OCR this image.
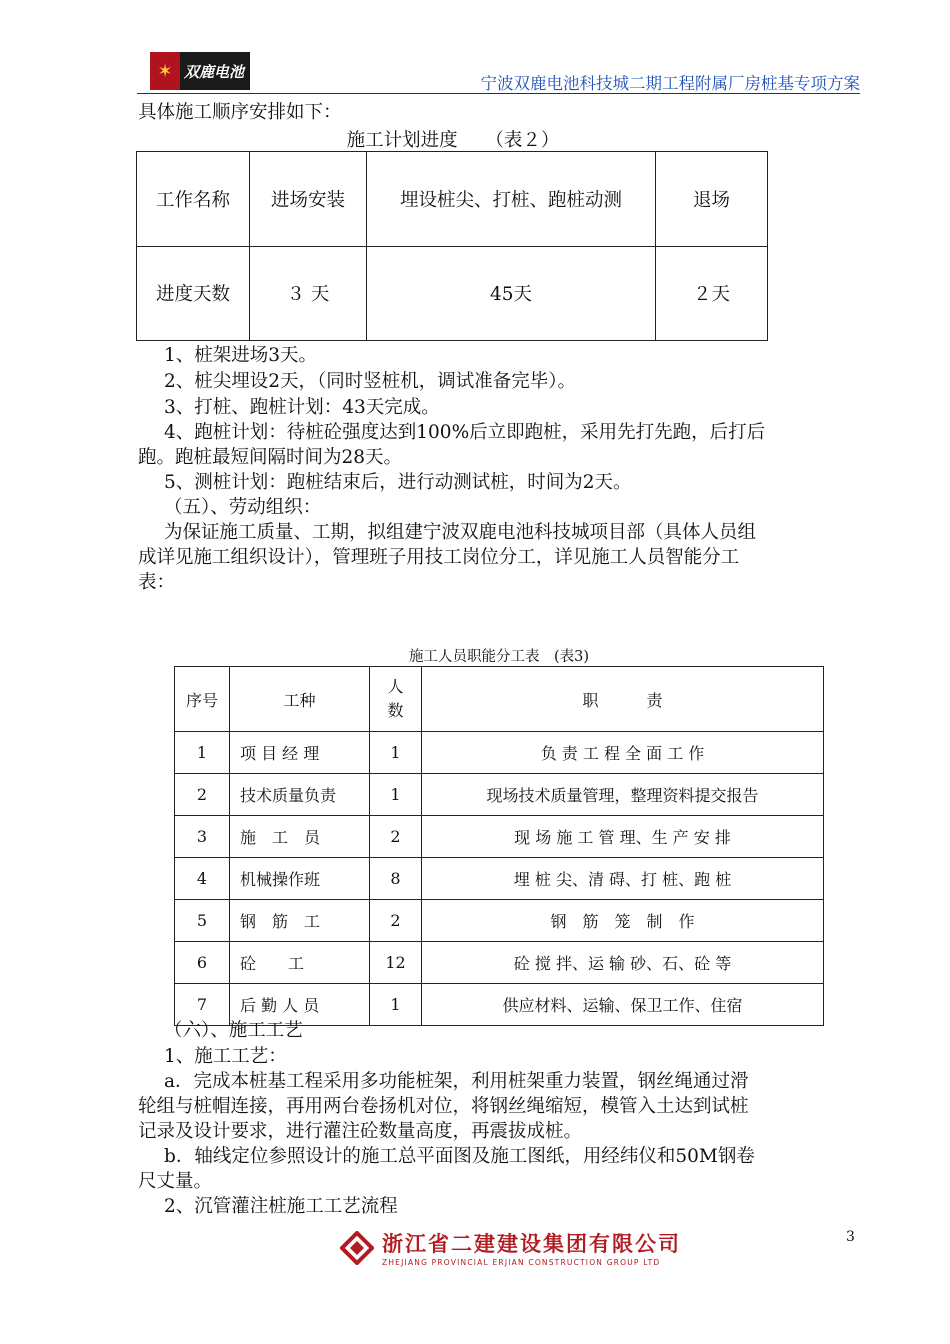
✶ 双鹿电池
宁波双鹿电池科技城二期工程附属厂房桩基专项方案
具体施工顺序安排如下：
施工计划进度　　（表２）
工作名称	进场安装	埋设桩尖、打桩、跑桩动测	退场
进度天数	３ 天	45天	２天
1、桩架进场3天。
2、桩尖埋设2天，（同时竖桩机，调试准备完毕）。
3、打桩、跑桩计划：43天完成。
4、跑桩计划：待桩砼强度达到100%后立即跑桩，采用先打先跑，后打后
跑。跑桩最短间隔时间为28天。
5、测桩计划：跑桩结束后，进行动测试桩，时间为2天。
（五）、劳动组织：
为保证施工质量、工期，拟组建宁波双鹿电池科技城项目部（具体人员组
成详见施工组织设计），管理班子用技工岗位分工，详见施工人员智能分工
表：
施工人员职能分工表　(表3)
序号	工种	人数	职　　　责
1	项 目 经 理	1	负 责 工 程 全 面 工 作
2	技术质量负责	1	现场技术质量管理，整理资料提交报告
3	施　工　员	2	现 场 施 工 管 理、生 产 安 排
4	机械操作班	8	埋 桩 尖、清 碍、打 桩、跑 桩
5	钢　筋　工	2	钢　筋　笼　制　作
6	砼　　工	12	砼 搅 拌、运 输 砂、石、砼 等
7	后 勤 人 员	1	供应材料、运输、保卫工作、住宿
（六）、施工工艺
1、施工工艺：
a．完成本桩基工程采用多功能桩架，利用桩架重力装置，钢丝绳通过滑
轮组与桩帽连接，再用两台卷扬机对位，将钢丝绳缩短，模管入土达到试桩
记录及设计要求，进行灌注砼数量高度，再震拔成桩。
b．轴线定位参照设计的施工总平面图及施工图纸，用经纬仪和50M钢卷
尺丈量。
2、沉管灌注桩施工工艺流程
浙江省二建建设集团有限公司
ZHEJIANG PROVINCIAL ERJIAN CONSTRUCTION GROUP LTD
3
